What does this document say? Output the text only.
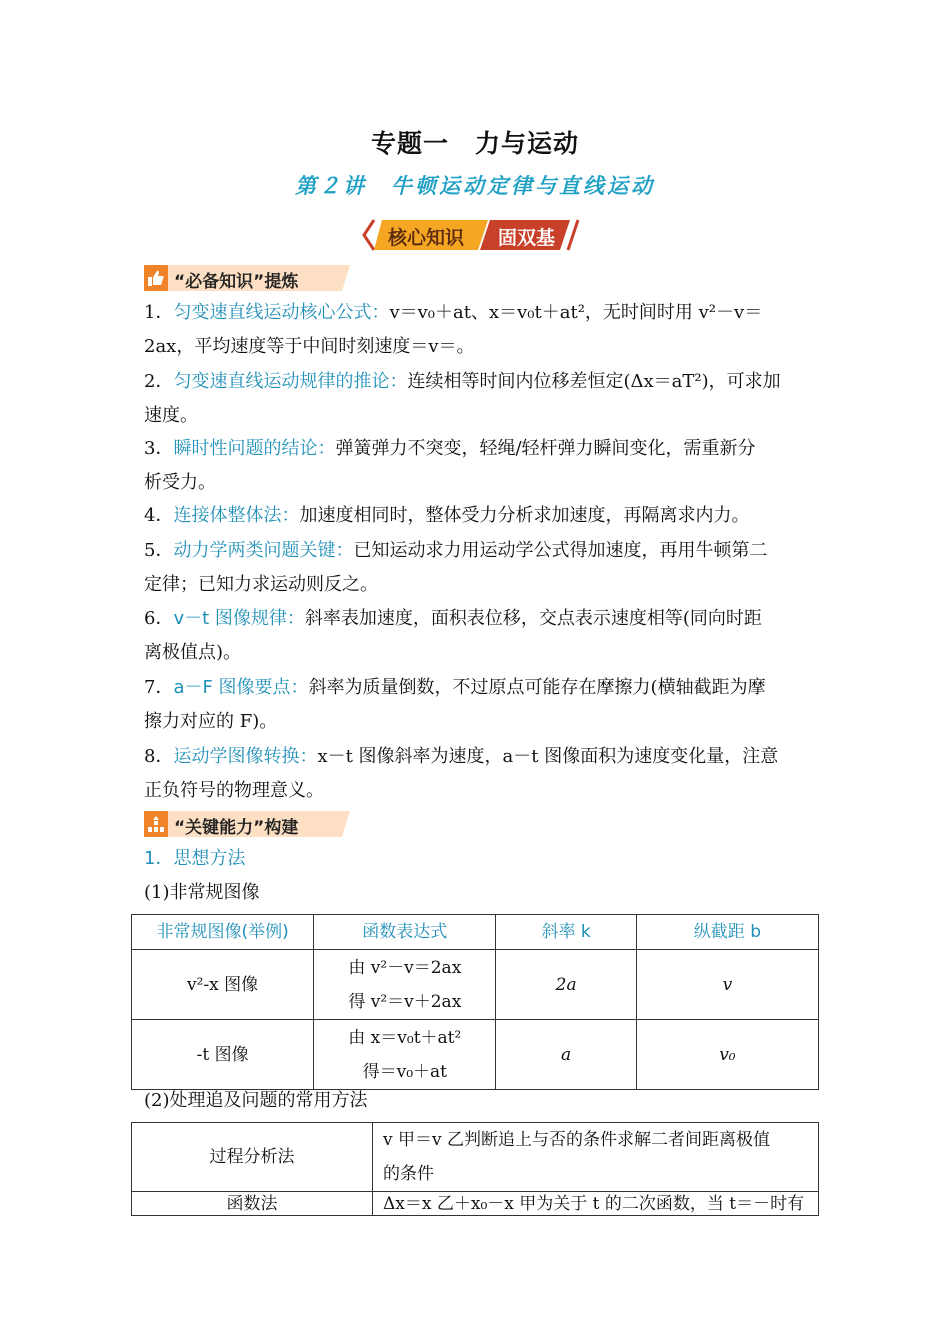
专题一　力与运动
第２讲　牛顿运动定律与直线运动
核心知识 固双基
“必备知识”提炼
1．匀变速直线运动核心公式：v＝v₀＋at、x＝v₀t＋at²，无时间时用 v²－v＝
2ax，平均速度等于中间时刻速度＝v＝。
2．匀变速直线运动规律的推论：连续相等时间内位移差恒定(Δx＝aT²)，可求加
速度。
3．瞬时性问题的结论：弹簧弹力不突变，轻绳/轻杆弹力瞬间变化，需重新分
析受力。
4．连接体整体法：加速度相同时，整体受力分析求加速度，再隔离求内力。
5．动力学两类问题关键：已知运动求力用运动学公式得加速度，再用牛顿第二
定律；已知力求运动则反之。
6．v－t 图像规律：斜率表加速度，面积表位移，交点表示速度相等(同向时距
离极值点)。
7．a－F 图像要点：斜率为质量倒数，不过原点可能存在摩擦力(横轴截距为摩
擦力对应的 F)。
8．运动学图像转换：x－t 图像斜率为速度，a－t 图像面积为速度变化量，注意
正负符号的物理意义。
“关键能力”构建
1．思想方法
(1)非常规图像
非常规图像(举例)	函数表达式	斜率 k	纵截距 b
v²-x 图像	由 v²－v＝2ax
得 v²＝v＋2ax	2a	v
-t 图像	由 x＝v₀t＋at²
得＝v₀＋at	a	v₀
(2)处理追及问题的常用方法
过程分析法	v 甲＝v 乙判断追上与否的条件求解二者间距离极值
的条件

函数法	Δx＝x 乙＋x₀－x 甲为关于 t 的二次函数，当 t＝－时有
